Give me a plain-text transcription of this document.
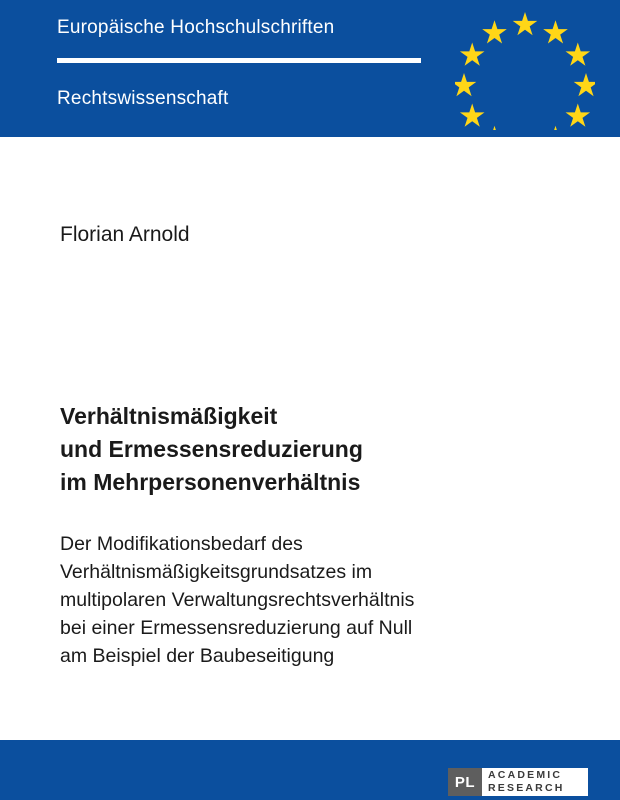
Europäische Hochschulschriften
Rechtswissenschaft
Florian Arnold
Verhältnismäßigkeit
und Ermessensreduzierung
im Mehrpersonenverhältnis
Der Modifikationsbedarf des
Verhältnismäßigkeitsgrundsatzes im
multipolaren Verwaltungsrechtsverhältnis
bei einer Ermessensreduzierung auf Null
am Beispiel der Baubeseitigung
PL	ACADEMIC
RESEARCH
